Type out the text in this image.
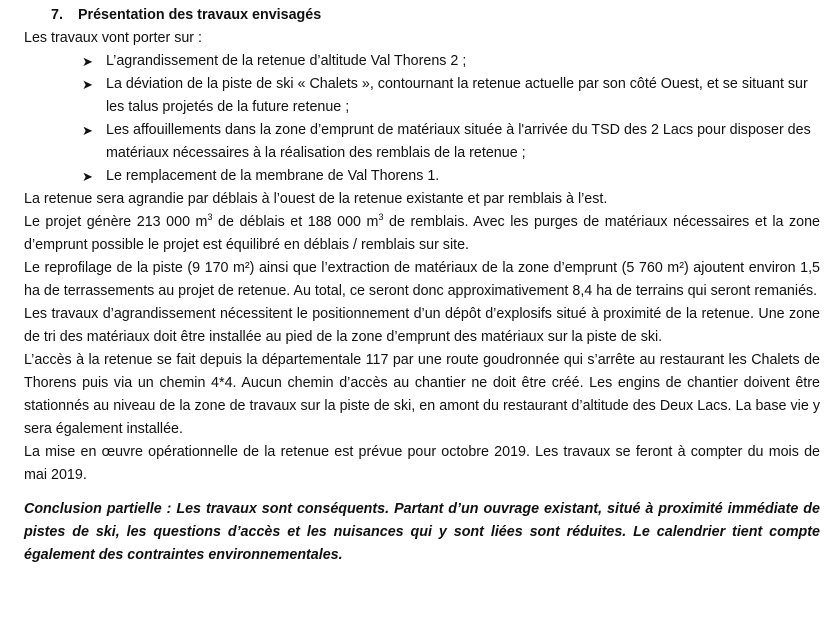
7. Présentation des travaux envisagés
Les travaux vont porter sur :
➤ L’agrandissement de la retenue d’altitude Val Thorens 2 ;
➤ La déviation de la piste de ski « Chalets », contournant la retenue actuelle par son côté Ouest, et se situant sur les talus projetés de la future retenue ;
➤ Les affouillements dans la zone d’emprunt de matériaux située à l'arrivée du TSD des 2 Lacs pour disposer des matériaux nécessaires à la réalisation des remblais de la retenue ;
➤ Le remplacement de la membrane de Val Thorens 1.
La retenue sera agrandie par déblais à l’ouest de la retenue existante et par remblais à l’est.
Le projet génère 213 000 $m^3$ de déblais et 188 000 $m^3$ de remblais. Avec les purges de matériaux nécessaires et la zone d’emprunt possible le projet est équilibré en déblais / remblais sur site.
Le reprofilage de la piste (9 170 m²) ainsi que l’extraction de matériaux de la zone d’emprunt (5 760 m²) ajoutent environ 1,5 ha de terrassements au projet de retenue. Au total, ce seront donc approximativement 8,4 ha de terrains qui seront remaniés.
Les travaux d’agrandissement nécessitent le positionnement d’un dépôt d’explosifs situé à proximité de la retenue. Une zone de tri des matériaux doit être installée au pied de la zone d’emprunt des matériaux sur la piste de ski.
L’accès à la retenue se fait depuis la départementale 117 par une route goudronnée qui s’arrête au restaurant les Chalets de Thorens puis via un chemin 4*4. Aucun chemin d’accès au chantier ne doit être créé. Les engins de chantier doivent être stationnés au niveau de la zone de travaux sur la piste de ski, en amont du restaurant d’altitude des Deux Lacs. La base vie y sera également installée.
La mise en œuvre opérationnelle de la retenue est prévue pour octobre 2019. Les travaux se feront à compter du mois de mai 2019.
Conclusion partielle : Les travaux sont conséquents. Partant d’un ouvrage existant, situé à proximité immédiate de pistes de ski, les questions d’accès et les nuisances qui y sont liées sont réduites. Le calendrier tient compte également des contraintes environnementales.
